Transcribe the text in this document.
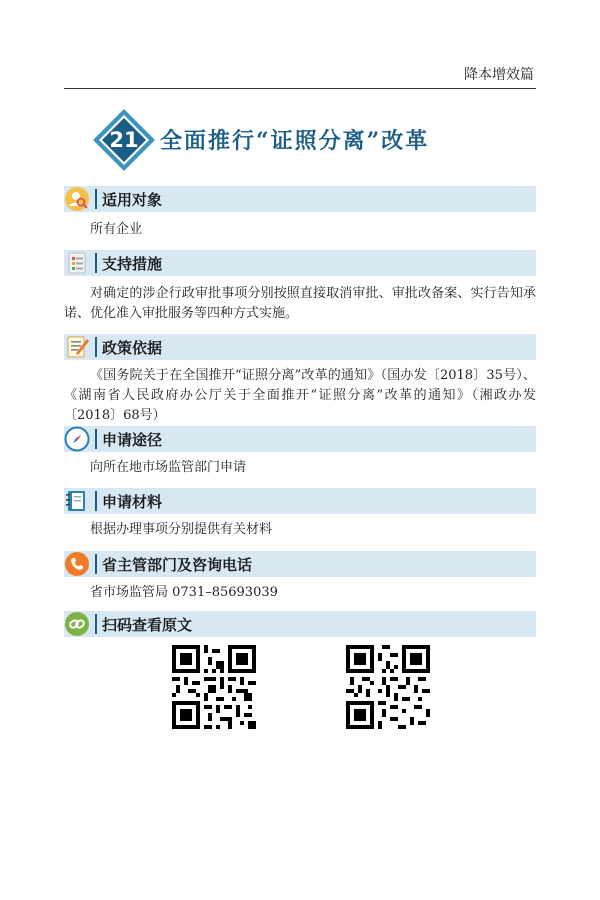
降本增效篇
21 全面推行“证照分离”改革
适用对象
所有企业
支持措施
对确定的涉企行政审批事项分别按照直接取消审批、审批改备案、实行告知承诺、优化准入审批服务等四种方式实施。
政策依据
《国务院关于在全国推开“证照分离”改革的通知》（国办发〔2018〕35号）、《湖南省人民政府办公厅关于全面推开“证照分离”改革的通知》（湘政办发〔2018〕68号）
申请途径
向所在地市场监管部门申请
申请材料
根据办理事项分别提供有关材料
省主管部门及咨询电话
省市场监管局 0731–85693039
扫码查看原文
